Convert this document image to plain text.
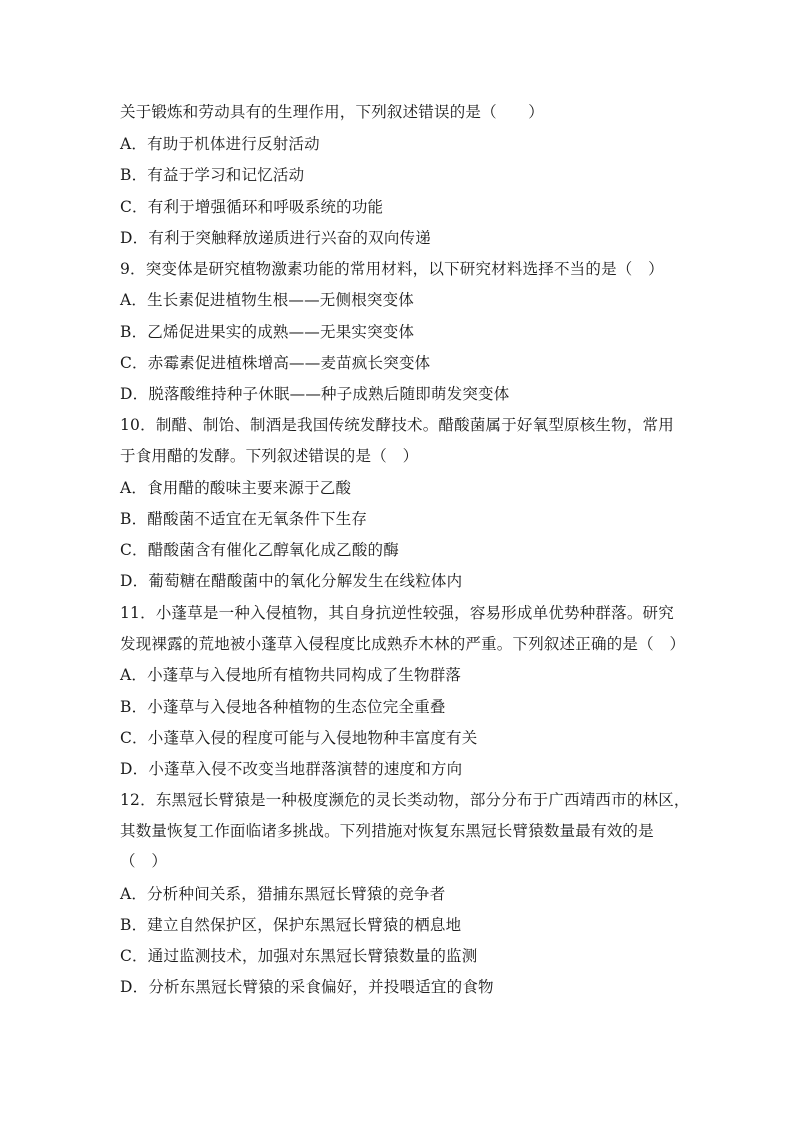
关于锻炼和劳动具有的生理作用，下列叙述错误的是（　　）
A．有助于机体进行反射活动
B．有益于学习和记忆活动
C．有利于增强循环和呼吸系统的功能
D．有利于突触释放递质进行兴奋的双向传递
9．突变体是研究植物激素功能的常用材料，以下研究材料选择不当的是（　）
A．生长素促进植物生根——无侧根突变体
B．乙烯促进果实的成熟——无果实突变体
C．赤霉素促进植株增高——麦苗疯长突变体
D．脱落酸维持种子休眠——种子成熟后随即萌发突变体
10．制醋、制饴、制酒是我国传统发酵技术。醋酸菌属于好氧型原核生物，常用
于食用醋的发酵。下列叙述错误的是（　）
A．食用醋的酸味主要来源于乙酸
B．醋酸菌不适宜在无氧条件下生存
C．醋酸菌含有催化乙醇氧化成乙酸的酶
D．葡萄糖在醋酸菌中的氧化分解发生在线粒体内
11．小蓬草是一种入侵植物，其自身抗逆性较强，容易形成单优势种群落。研究
发现裸露的荒地被小蓬草入侵程度比成熟乔木林的严重。下列叙述正确的是（　）
A．小蓬草与入侵地所有植物共同构成了生物群落
B．小蓬草与入侵地各种植物的生态位完全重叠
C．小蓬草入侵的程度可能与入侵地物种丰富度有关
D．小蓬草入侵不改变当地群落演替的速度和方向
12．东黑冠长臂猿是一种极度濒危的灵长类动物，部分分布于广西靖西市的林区，
其数量恢复工作面临诸多挑战。下列措施对恢复东黑冠长臂猿数量最有效的是
（　）
A．分析种间关系，猎捕东黑冠长臂猿的竞争者
B．建立自然保护区，保护东黑冠长臂猿的栖息地
C．通过监测技术，加强对东黑冠长臂猿数量的监测
D．分析东黑冠长臂猿的采食偏好，并投喂适宜的食物
